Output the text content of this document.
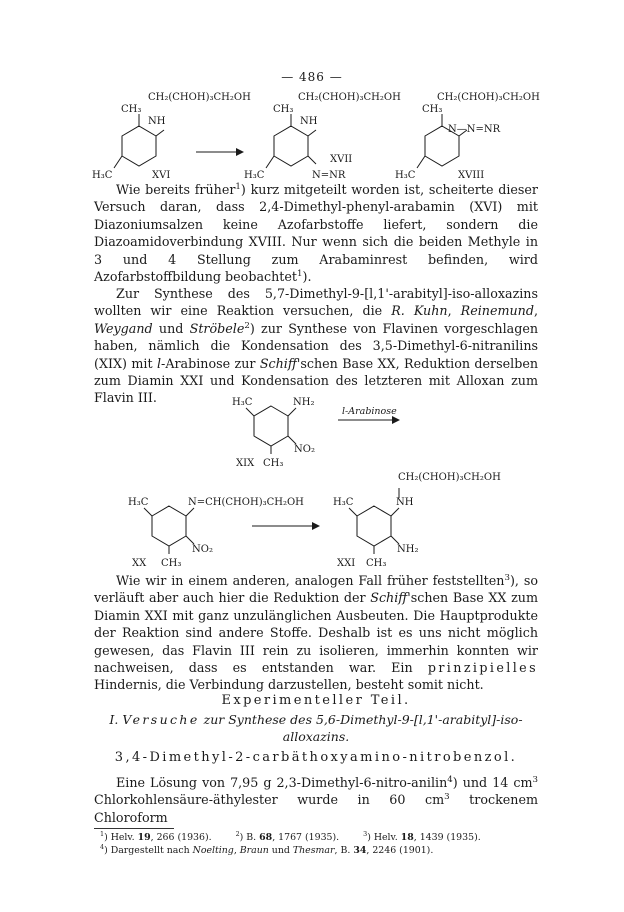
— 486 —
CH₂(CHOH)₃CH₂OH
CH₃
NH
H₃C	XVI
CH₂(CHOH)₃CH₂OH
CH₃
NH
H₃C	N=NR
XVII
CH₂(CHOH)₃CH₂OH
CH₃
N—N=NR
H₃C	XVIII

Wie bereits früher$^1$) kurz mitgeteilt worden ist, scheiterte dieser Versuch daran, dass 2,4-Dimethyl-phenyl-arabamin (XVI) mit Diazoniumsalzen keine Azofarbstoffe liefert, sondern die Diazoamidoverbindung XVIII. Nur wenn sich die beiden Methyle in 3 und 4 Stellung zum Arabaminrest befinden, wird Azofarbstoffbildung beobachtet$^1$).

Zur Synthese des 5,7-Dimethyl-9-[l,1'-arabityl]-iso-alloxazins wollten wir eine Reaktion versuchen, die R. Kuhn, Reinemund, Weygand und Ströbele$^2$) zur Synthese von Flavinen vorgeschlagen haben, nämlich die Kondensation des 3,5-Dimethyl-6-nitranilins (XIX) mit l-Arabinose zur Schiff'schen Base XX, Reduktion derselben zum Diamin XXI und Kondensation des letzteren mit Alloxan zum Flavin III.	H₃C	NH₂
NO₂
CH₃
XIX
l-Arabinose
H₃C	N=CH(CHOH)₃CH₂OH
NO₂
CH₃
XX
CH₂(CHOH)₃CH₂OH
H₃C	NH
NH₂
CH₃
XXI

Wie wir in einem anderen, analogen Fall früher feststellten$^3$), so verläuft aber auch hier die Reduktion der Schiff'schen Base XX zum Diamin XXI mit ganz unzulänglichen Ausbeuten. Die Hauptprodukte der Reaktion sind andere Stoffe. Deshalb ist es uns nicht möglich gewesen, das Flavin III rein zu isolieren, immerhin konnten wir nachweisen, dass es entstanden war. Ein prinzipielles Hindernis, die Verbindung darzustellen, besteht somit nicht.

Experimenteller Teil.
I. Versuche zur Synthese des 5,6-Dimethyl-9-[l,1'-arabityl]-iso-alloxazins.
3,4-Dimethyl-2-carbäthoxyamino-nitrobenzol.

Eine Lösung von 7,95 g 2,3-Dimethyl-6-nitro-anilin$^4$) und 14 $cm^3$ Chlorkohlensäure-äthylester wurde in 60 $cm^3$ trockenem Chloroform

$^1$) Helv. 19, 266 (1936).	$^2$) B. 68, 1767 (1935).	$^3$) Helv. 18, 1439 (1935).
$^4$) Dargestellt nach Noelting, Braun und Thesmar, B. 34, 2246 (1901).
